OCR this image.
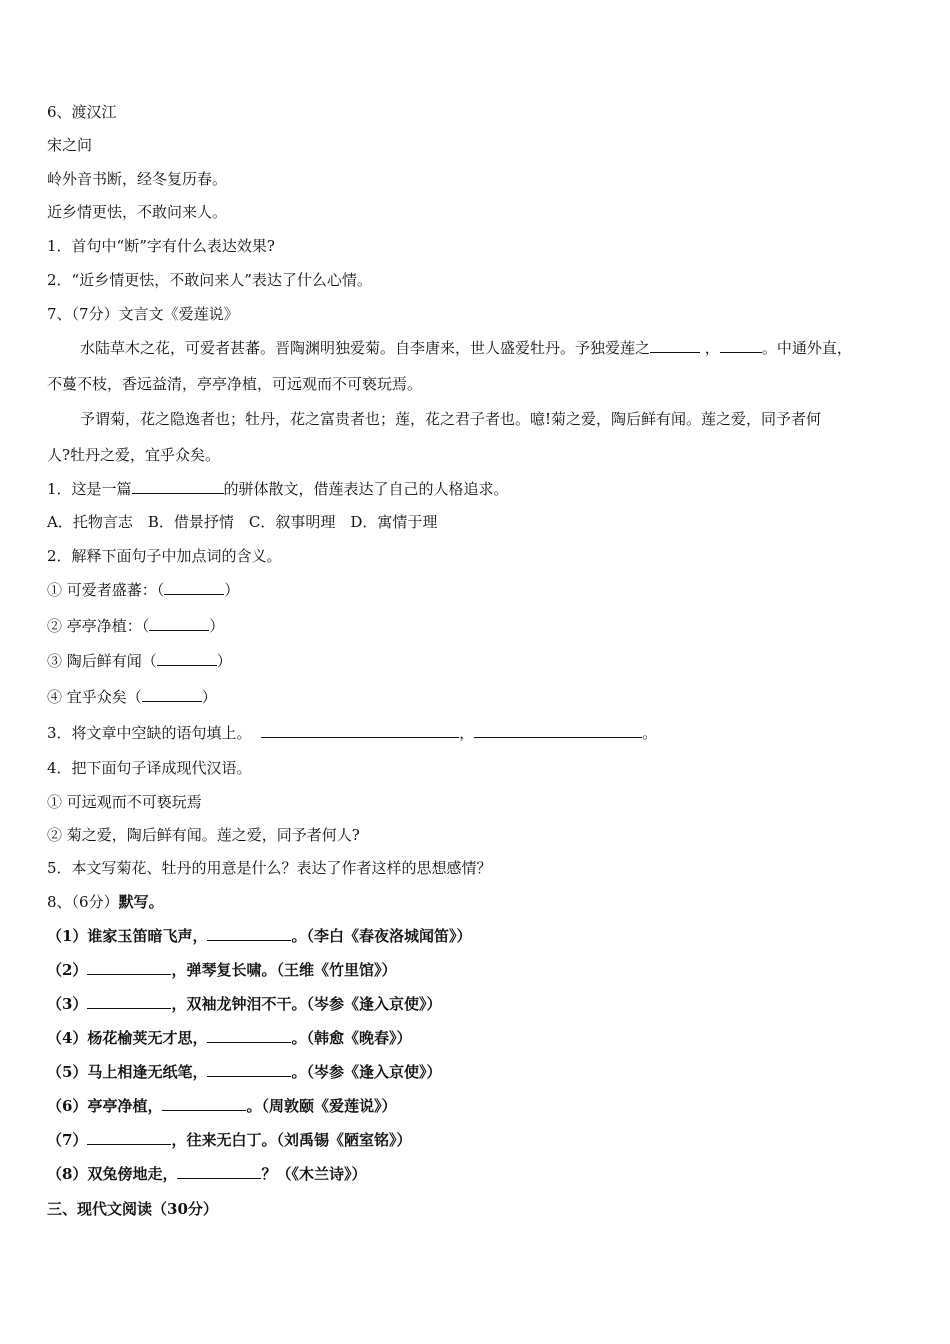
6、渡汉江
宋之问
岭外音书断，经冬复历春。
近乡情更怯，不敢问来人。
1．首句中“断”字有什么表达效果?
2．“近乡情更怯，不敢问来人”表达了什么心情。
7、（7分）文言文《爱莲说》
水陆草木之花，可爱者甚蕃。晋陶渊明独爱菊。自李唐来，世人盛爱牡丹。予独爱莲之	，	。中通外直，
不蔓不枝，香远益清，亭亭净植，可远观而不可亵玩焉。
予谓菊，花之隐逸者也；牡丹，花之富贵者也；莲，花之君子者也。噫!菊之爱，陶后鲜有闻。莲之爱，同予者何
人?牡丹之爱，宜乎众矣。
1．这是一篇	的骈体散文，借莲表达了自己的人格追求。
A．托物言志　B．借景抒情　C．叙事明理　D．寓情于理
2．解释下面句子中加点词的含义。
① 可爱者盛蕃：（	）
② 亭亭净植：（	）
③ 陶后鲜有闻（	）
④ 宜乎众矣（	）
3．将文章中空缺的语句填上。	，	。
4．把下面句子译成现代汉语。
① 可远观而不可亵玩焉
② 菊之爱，陶后鲜有闻。莲之爱，同予者何人?
5．本文写菊花、牡丹的用意是什么？表达了作者这样的思想感情？
8、（6分）默写。
（1）谁家玉笛暗飞声，	。（李白《春夜洛城闻笛》）
（2）	，弹琴复长啸。（王维《竹里馆》）
（3）	，双袖龙钟泪不干。（岑参《逢入京使》）
（4）杨花榆荚无才思，	。（韩愈《晚春》）
（5）马上相逢无纸笔，	。（岑参《逢入京使》）
（6）亭亭净植，	。（周敦颐《爱莲说》）
（7）	，往来无白丁。（刘禹锡《陋室铭》）
（8）双兔傍地走，	？（《木兰诗》）
三、现代文阅读（30分）
